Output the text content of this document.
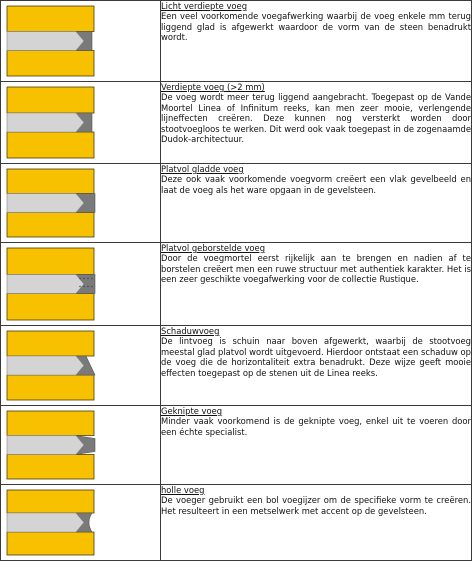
Licht verdiepte voeg
Een veel voorkomende voegafwerking waarbij de voeg enkele mm terug liggend glad is afgewerkt waardoor de vorm van de steen benadrukt wordt.

Verdiepte voeg (>2 mm)
De voeg wordt meer terug liggend aangebracht. Toegepast op de Vande Moortel Linea of Infinitum reeks, kan men zeer mooie, verlengende lijneffecten creëren. Deze kunnen nog versterkt worden door stootvoegloos te werken. Dit werd ook vaak toegepast in de zogenaamde Dudok-architectuur.

Platvol gladde voeg
Deze ook vaak voorkomende voegvorm creëert een vlak gevelbeeld en laat de voeg als het ware opgaan in de gevelsteen.

Platvol geborstelde voeg
Door de voegmortel eerst rijkelijk aan te brengen en nadien af te borstelen creëert men een ruwe structuur met authentiek karakter. Het is een zeer geschikte voegafwerking voor de collectie Rustique.

Schaduwvoeg
De lintvoeg is schuin naar boven afgewerkt, waarbij de stootvoeg meestal glad platvol wordt uitgevoerd. Hierdoor ontstaat een schaduw op de voeg die de horizontaliteit extra benadrukt. Deze wijze geeft mooie effecten toegepast op de stenen uit de Linea reeks.

Geknipte voeg
Minder vaak voorkomend is de geknipte voeg, enkel uit te voeren door een échte specialist.

holle voeg
De voeger gebruikt een bol voegijzer om de specifieke vorm te creëren. Het resulteert in een metselwerk met accent op de gevelsteen.
